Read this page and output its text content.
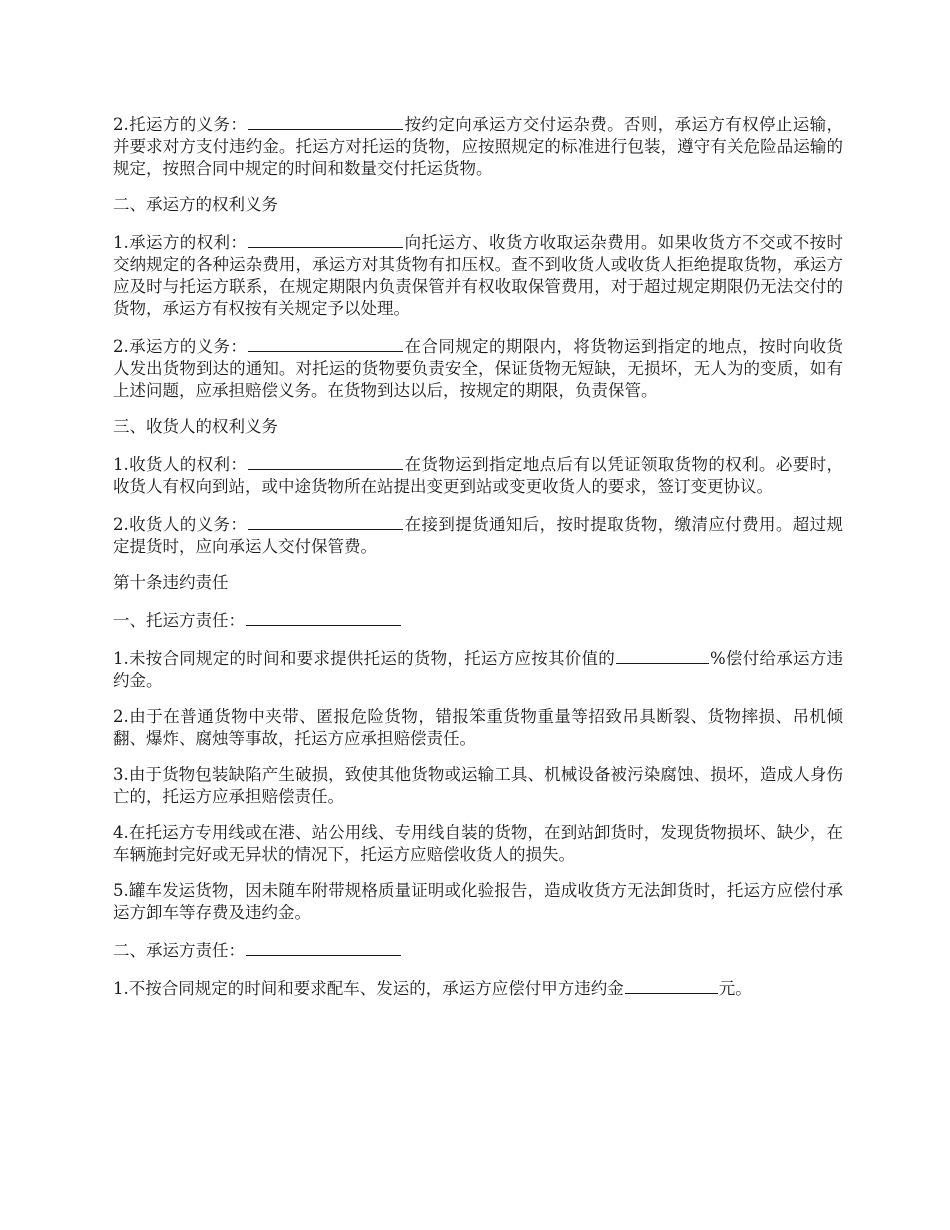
2.托运方的义务：	按约定向承运方交付运杂费。否则，承运方有权停止运输，并要求对方支付违约金。托运方对托运的货物，应按照规定的标准进行包装，遵守有关危险品运输的规定，按照合同中规定的时间和数量交付托运货物。

二、承运方的权利义务

1.承运方的权利：	向托运方、收货方收取运杂费用。如果收货方不交或不按时交纳规定的各种运杂费用，承运方对其货物有扣压权。查不到收货人或收货人拒绝提取货物，承运方应及时与托运方联系，在规定期限内负责保管并有权收取保管费用，对于超过规定期限仍无法交付的货物，承运方有权按有关规定予以处理。

2.承运方的义务：	在合同规定的期限内，将货物运到指定的地点，按时向收货人发出货物到达的通知。对托运的货物要负责安全，保证货物无短缺，无损坏，无人为的变质，如有上述问题，应承担赔偿义务。在货物到达以后，按规定的期限，负责保管。

三、收货人的权利义务

1.收货人的权利：	在货物运到指定地点后有以凭证领取货物的权利。必要时，收货人有权向到站，或中途货物所在站提出变更到站或变更收货人的要求，签订变更协议。

2.收货人的义务：	在接到提货通知后，按时提取货物，缴清应付费用。超过规定提货时，应向承运人交付保管费。

第十条违约责任

一、托运方责任：

1.未按合同规定的时间和要求提供托运的货物，托运方应按其价值的	%偿付给承运方违约金。

2.由于在普通货物中夹带、匿报危险货物，错报笨重货物重量等招致吊具断裂、货物摔损、吊机倾翻、爆炸、腐烛等事故，托运方应承担赔偿责任。

3.由于货物包装缺陷产生破损，致使其他货物或运输工具、机械设备被污染腐蚀、损坏，造成人身伤亡的，托运方应承担赔偿责任。

4.在托运方专用线或在港、站公用线、专用线自装的货物，在到站卸货时，发现货物损坏、缺少，在车辆施封完好或无异状的情况下，托运方应赔偿收货人的损失。

5.罐车发运货物，因未随车附带规格质量证明或化验报告，造成收货方无法卸货时，托运方应偿付承运方卸车等存费及违约金。

二、承运方责任：

1.不按合同规定的时间和要求配车、发运的，承运方应偿付甲方违约金	元。
